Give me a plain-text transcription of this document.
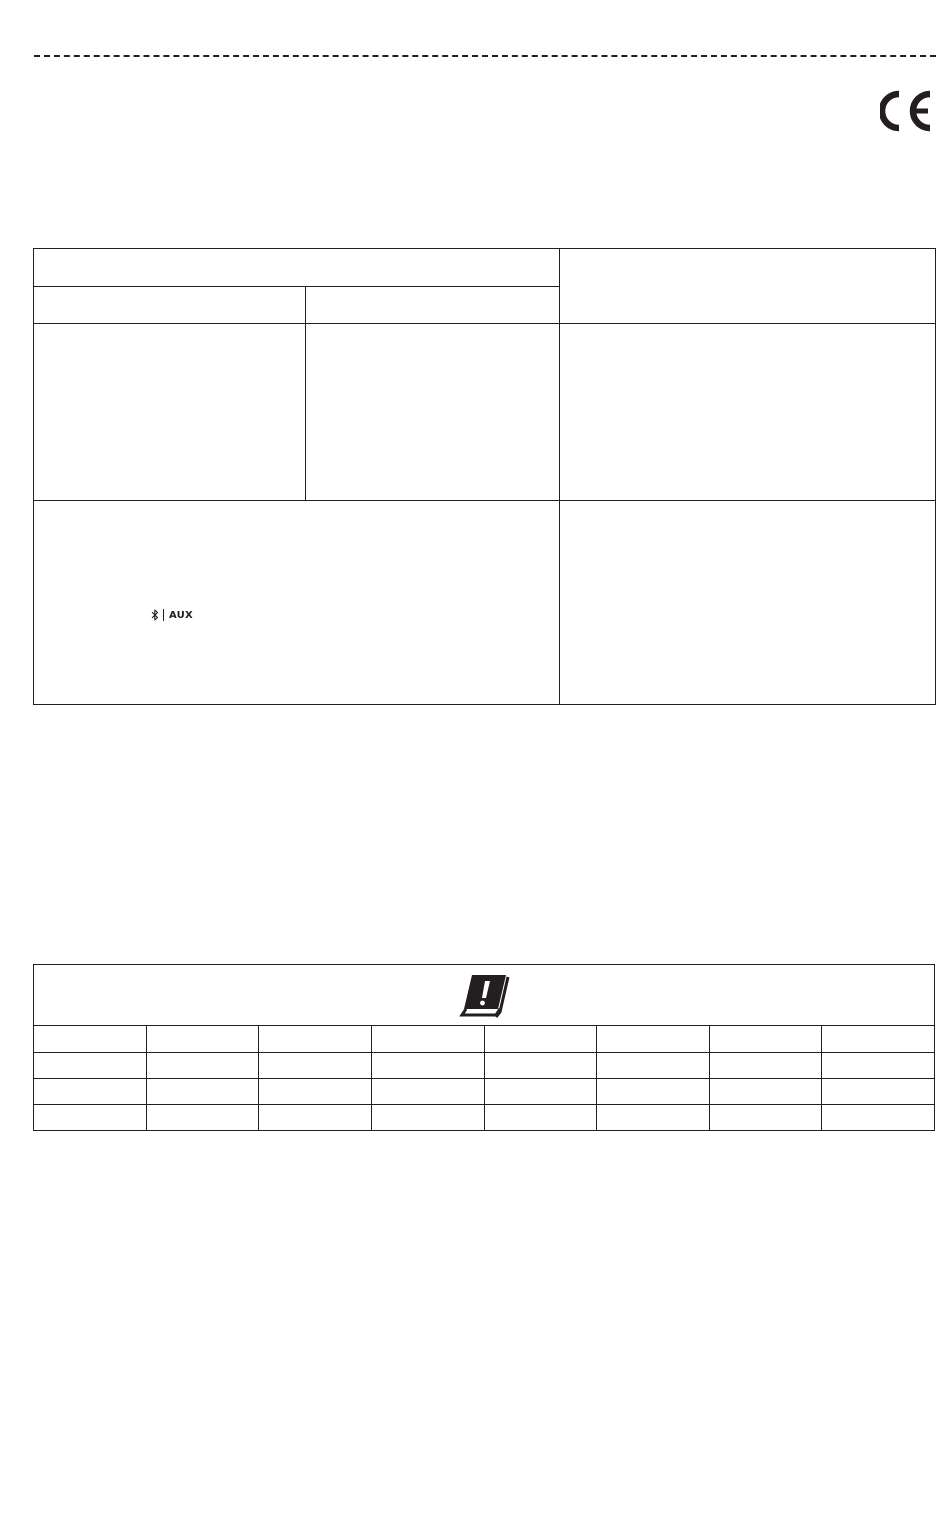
AUX		
